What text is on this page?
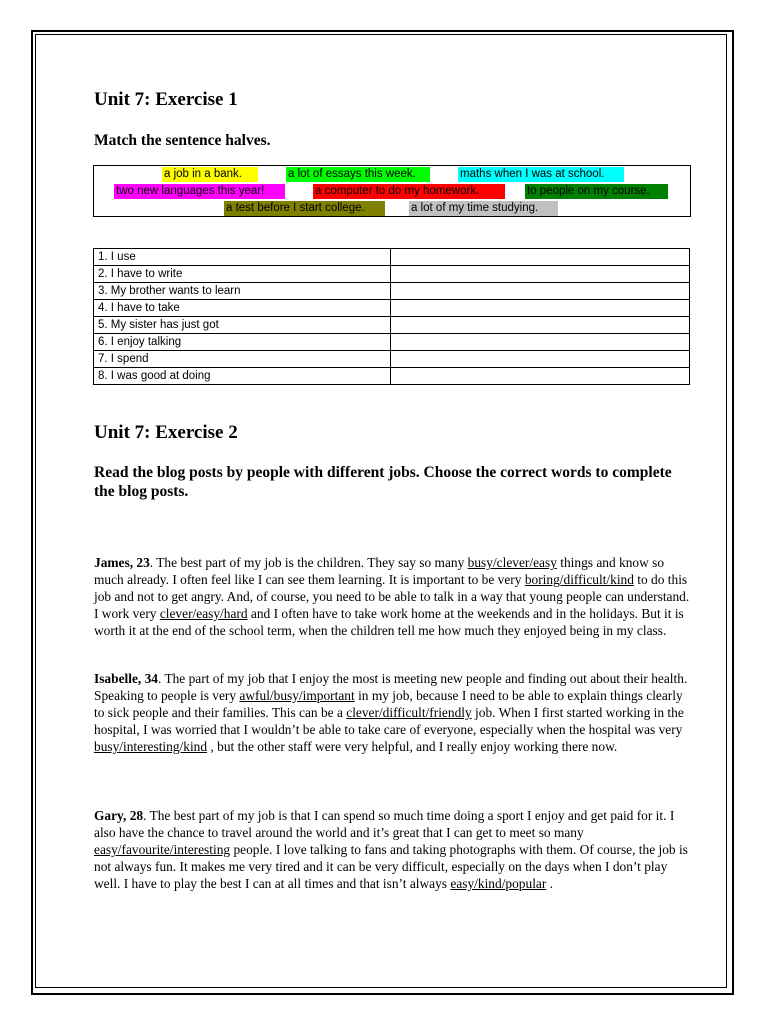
Unit 7: Exercise 1
Match the sentence halves.
a job in a bank.	a lot of essays this week.	maths when I was at school.
two new languages this year!	a computer to do my homework.	to people on my course.
a test before I start college.	a lot of my time studying.
1. I use	
2. I have to write	
3. My brother wants to learn	
4. I have to take	
5. My sister has just got	
6. I enjoy talking	
7. I spend	
8. I was good at doing	
Unit 7: Exercise 2
Read the blog posts by people with different jobs. Choose the correct words to complete the blog posts.
James, 23. The best part of my job is the children. They say so many busy/clever/easy things and know so much already. I often feel like I can see them learning. It is important to be very boring/difficult/kind to do this job and not to get angry. And, of course, you need to be able to talk in a way that young people can understand. I work very clever/easy/hard and I often have to take work home at the weekends and in the holidays. But it is worth it at the end of the school term, when the children tell me how much they enjoyed being in my class.
Isabelle, 34. The part of my job that I enjoy the most is meeting new people and finding out about their health. Speaking to people is very awful/busy/important in my job, because I need to be able to explain things clearly to sick people and their families. This can be a clever/difficult/friendly job. When I first started working in the hospital, I was worried that I wouldn’t be able to take care of everyone, especially when the hospital was very busy/interesting/kind , but the other staff were very helpful, and I really enjoy working there now.
Gary, 28. The best part of my job is that I can spend so much time doing a sport I enjoy and get paid for it. I also have the chance to travel around the world and it’s great that I can get to meet so many easy/favourite/interesting people. I love talking to fans and taking photographs with them. Of course, the job is not always fun. It makes me very tired and it can be very difficult, especially on the days when I don’t play well. I have to play the best I can at all times and that isn’t always easy/kind/popular .
